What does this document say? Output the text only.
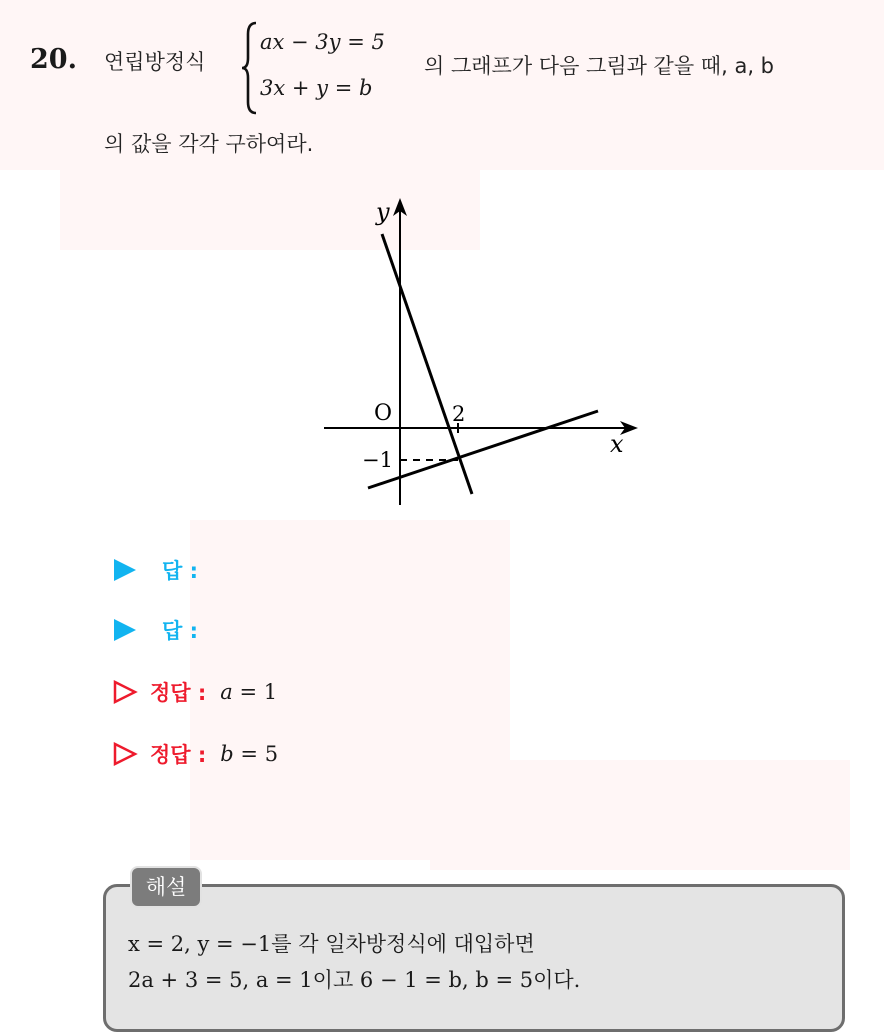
20. 연립방정식
ax − 3y = 5
3x + y = b
의 그래프가 다음 그림과 같을 때, a, b
의 값을 각각 구하여라.
y
x
O	2
−1
답 :
답 :
정답 : a = 1
정답 : b = 5
해설
x = 2, y = −1를 각 일차방정식에 대입하면
2a + 3 = 5, a = 1이고 6 − 1 = b, b = 5이다.
